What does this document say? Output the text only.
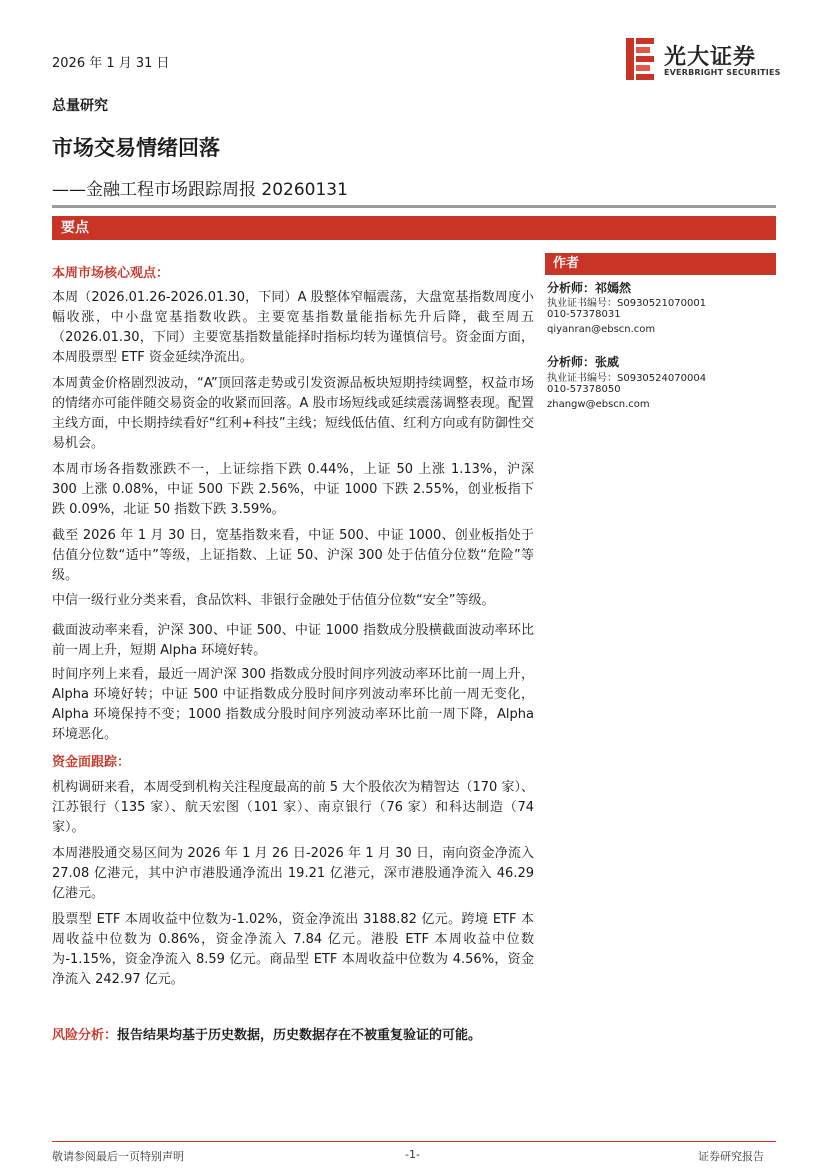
2026 年 1 月 31 日	光大证券
EVERBRIGHT SECURITIES
总量研究
市场交易情绪回落
——金融工程市场跟踪周报 20260131
要点
本周市场核心观点：
本周（2026.01.26-2026.01.30，下同）A 股整体窄幅震荡，大盘宽基指数周度小幅收涨，中小盘宽基指数收跌。主要宽基指数量能指标先升后降，截至周五（2026.01.30，下同）主要宽基指数量能择时指标均转为谨慎信号。资金面方面，本周股票型 ETF 资金延续净流出。
本周黄金价格剧烈波动，“A”顶回落走势或引发资源品板块短期持续调整，权益市场的情绪亦可能伴随交易资金的收紧而回落。A 股市场短线或延续震荡调整表现。配置主线方面，中长期持续看好“红利+科技”主线；短线低估值、红利方向或有防御性交易机会。
本周市场各指数涨跌不一，上证综指下跌 0.44%，上证 50 上涨 1.13%，沪深 300 上涨 0.08%，中证 500 下跌 2.56%，中证 1000 下跌 2.55%，创业板指下跌 0.09%，北证 50 指数下跌 3.59%。
截至 2026 年 1 月 30 日，宽基指数来看，中证 500、中证 1000、创业板指处于估值分位数“适中”等级，上证指数、上证 50、沪深 300 处于估值分位数“危险”等级。
中信一级行业分类来看，食品饮料、非银行金融处于估值分位数“安全”等级。
截面波动率来看，沪深 300、中证 500、中证 1000 指数成分股横截面波动率环比前一周上升，短期 Alpha 环境好转。
时间序列上来看，最近一周沪深 300 指数成分股时间序列波动率环比前一周上升，Alpha 环境好转；中证 500 中证指数成分股时间序列波动率环比前一周无变化，Alpha 环境保持不变；1000 指数成分股时间序列波动率环比前一周下降，Alpha 环境恶化。
资金面跟踪：
机构调研来看，本周受到机构关注程度最高的前 5 大个股依次为精智达（170 家）、江苏银行（135 家）、航天宏图（101 家）、南京银行（76 家）和科达制造（74 家）。
本周港股通交易区间为 2026 年 1 月 26 日-2026 年 1 月 30 日，南向资金净流入 27.08 亿港元，其中沪市港股通净流出 19.21 亿港元，深市港股通净流入 46.29 亿港元。
股票型 ETF 本周收益中位数为-1.02%，资金净流出 3188.82 亿元。跨境 ETF 本周收益中位数为 0.86%，资金净流入 7.84 亿元。港股 ETF 本周收益中位数为-1.15%，资金净流入 8.59 亿元。商品型 ETF 本周收益中位数为 4.56%，资金净流入 242.97 亿元。
风险分析：报告结果均基于历史数据，历史数据存在不被重复验证的可能。
作者
分析师：祁嫣然
执业证书编号：S0930521070001
010-57378031
qiyanran@ebscn.com
分析师：张威
执业证书编号：S0930524070004
010-57378050
zhangw@ebscn.com
敬请参阅最后一页特别声明	-1-	证券研究报告
